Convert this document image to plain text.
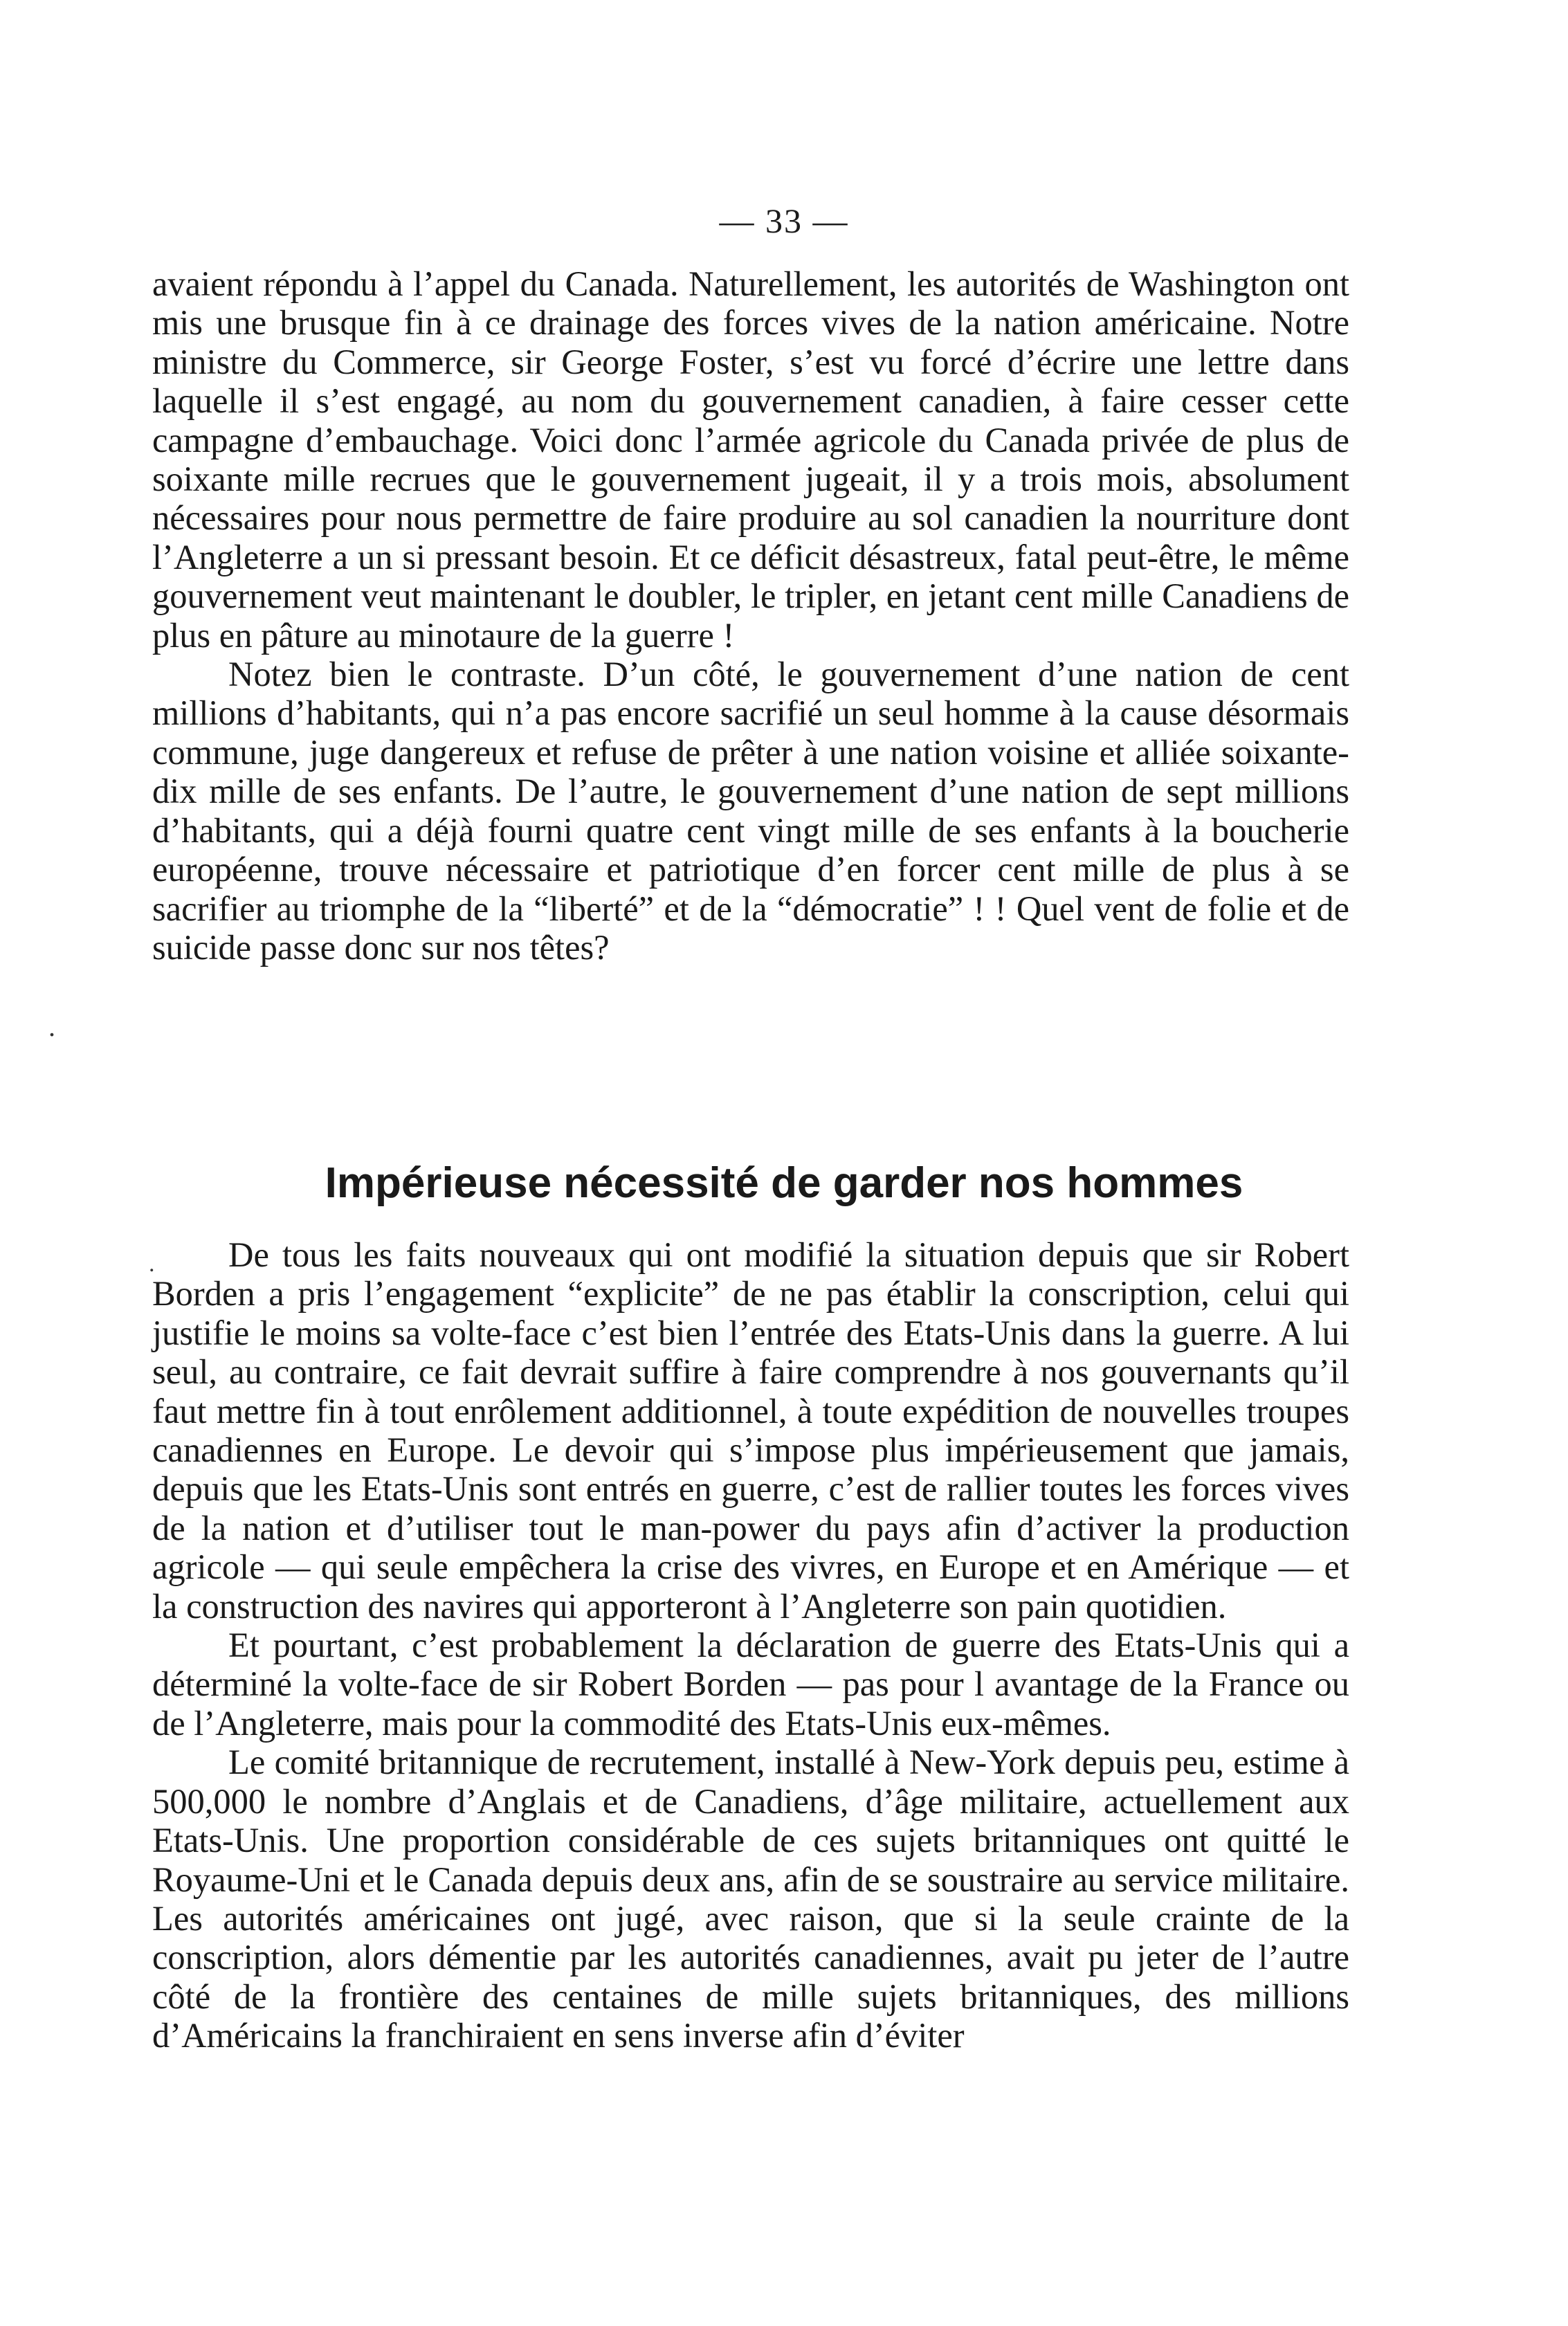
— 33 —

avaient répondu à l’appel du Canada. Naturellement, les autorités de Washington ont mis une brusque fin à ce drainage des forces vives de la nation américaine. Notre ministre du Commerce, sir George Foster, s’est vu forcé d’écrire une lettre dans laquelle il s’est engagé, au nom du gouvernement canadien, à faire cesser cette campagne d’embauchage. Voici donc l’armée agricole du Canada privée de plus de soixante mille recrues que le gouvernement jugeait, il y a trois mois, absolument nécessaires pour nous permettre de faire produire au sol canadien la nourriture dont l’Angleterre a un si pressant besoin. Et ce déficit désastreux, fatal peut-être, le même gouvernement veut maintenant le doubler, le tripler, en jetant cent mille Canadiens de plus en pâture au minotaure de la guerre !

Notez bien le contraste. D’un côté, le gouvernement d’une nation de cent millions d’habitants, qui n’a pas encore sacrifié un seul homme à la cause désormais commune, juge dangereux et refuse de prêter à une nation voisine et alliée soixante-dix mille de ses enfants. De l’autre, le gouvernement d’une nation de sept millions d’habitants, qui a déjà fourni quatre cent vingt mille de ses enfants à la boucherie européenne, trouve nécessaire et patriotique d’en forcer cent mille de plus à se sacrifier au triomphe de la “liberté” et de la “démocratie” ! ! Quel vent de folie et de suicide passe donc sur nos têtes?

.
Impérieuse nécessité de garder nos hommes
.	De tous les faits nouveaux qui ont modifié la situation depuis que sir Robert Borden a pris l’engagement “explicite” de ne pas établir la conscription, celui qui justifie le moins sa volte-face c’est bien l’entrée des Etats-Unis dans la guerre. A lui seul, au contraire, ce fait devrait suffire à faire comprendre à nos gouvernants qu’il faut mettre fin à tout enrôlement additionnel, à toute expédition de nouvelles troupes canadiennes en Europe. Le devoir qui s’impose plus impérieusement que jamais, depuis que les Etats-Unis sont entrés en guerre, c’est de rallier toutes les forces vives de la nation et d’utiliser tout le man-power du pays afin d’activer la production agricole — qui seule empêchera la crise des vivres, en Europe et en Amérique — et la construction des navires qui apporteront à l’Angleterre son pain quotidien.

Et pourtant, c’est probablement la déclaration de guerre des Etats-Unis qui a déterminé la volte-face de sir Robert Borden — pas pour l avantage de la France ou de l’Angleterre, mais pour la commodité des Etats-Unis eux-mêmes.

Le comité britannique de recrutement, installé à New-York depuis peu, estime à 500,000 le nombre d’Anglais et de Canadiens, d’âge militaire, actuellement aux Etats-Unis. Une proportion considérable de ces sujets britanniques ont quitté le Royaume-Uni et le Canada depuis deux ans, afin de se soustraire au service militaire. Les autorités américaines ont jugé, avec raison, que si la seule crainte de la conscription, alors démentie par les autorités canadiennes, avait pu jeter de l’autre côté de la frontière des centaines de mille sujets britanniques, des millions d’Américains la franchiraient en sens inverse afin d’éviter
